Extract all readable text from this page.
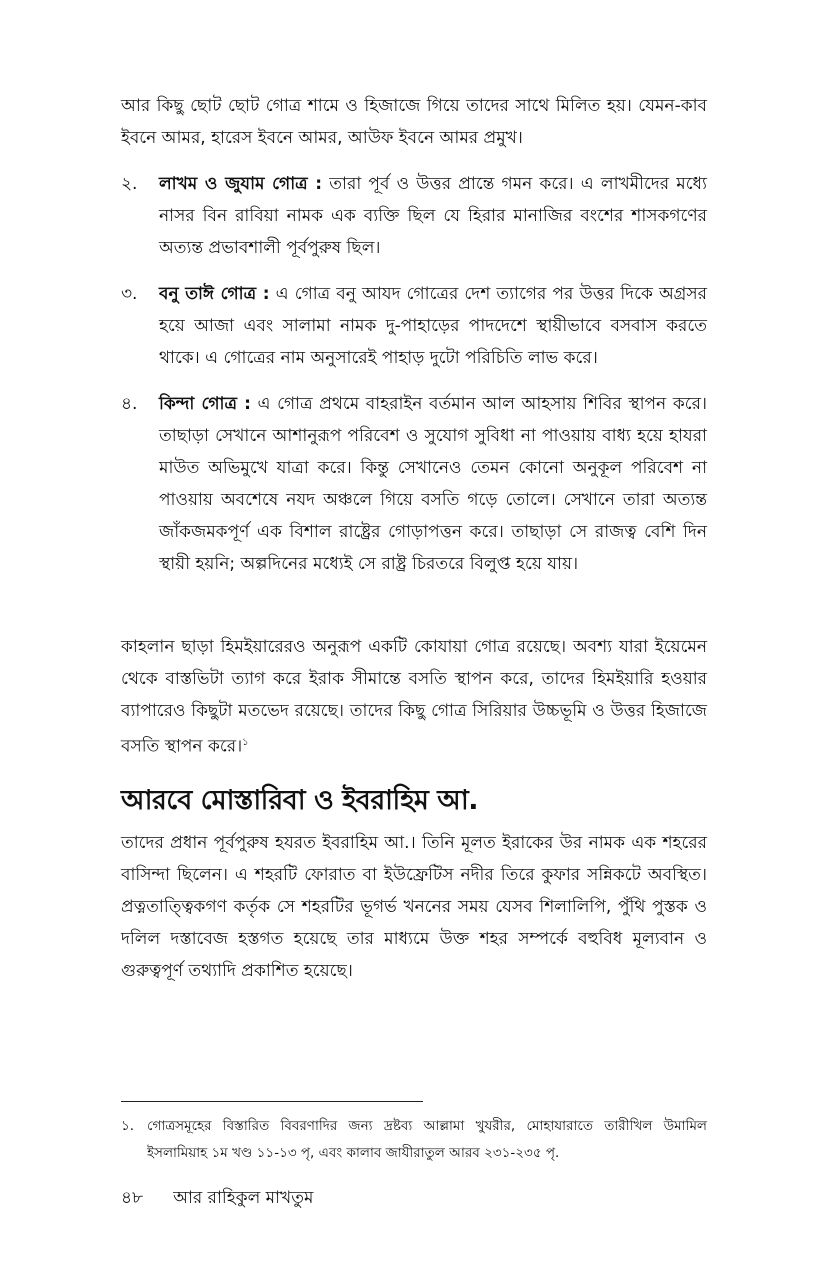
আর কিছু ছোট ছোট গোত্র শামে ও হিজাজে গিয়ে তাদের সাথে মিলিত হয়। যেমন-কাব ইবনে আমর, হারেস ইবনে আমর, আউফ ইবনে আমর প্রমুখ।

২. লাখম ও জুযাম গোত্র : তারা পূর্ব ও উত্তর প্রান্তে গমন করে। এ লাখমীদের মধ্যে নাসর বিন রাবিয়া নামক এক ব্যক্তি ছিল যে হিরার মানাজির বংশের শাসকগণের অত্যন্ত প্রভাবশালী পূর্বপুরুষ ছিল।
৩. বনু তাঈ গোত্র : এ গোত্র বনু আযদ গোত্রের দেশ ত্যাগের পর উত্তর দিকে অগ্রসর হয়ে আজা এবং সালামা নামক দু-পাহাড়ের পাদদেশে স্থায়ীভাবে বসবাস করতে থাকে। এ গোত্রের নাম অনুসারেই পাহাড় দুটো পরিচিতি লাভ করে।
৪. কিন্দা গোত্র : এ গোত্র প্রথমে বাহরাইন বর্তমান আল আহসায় শিবির স্থাপন করে। তাছাড়া সেখানে আশানুরূপ পরিবেশ ও সুযোগ সুবিধা না পাওয়ায় বাধ্য হয়ে হাযরা মাউত অভিমুখে যাত্রা করে। কিন্তু সেখানেও তেমন কোনো অনুকূল পরিবেশ না পাওয়ায় অবশেষে নযদ অঞ্চলে গিয়ে বসতি গড়ে তোলে। সেখানে তারা অত্যন্ত জাঁকজমকপূর্ণ এক বিশাল রাষ্ট্রের গোড়াপত্তন করে। তাছাড়া সে রাজত্ব বেশি দিন স্থায়ী হয়নি; অল্পদিনের মধ্যেই সে রাষ্ট্র চিরতরে বিলুপ্ত হয়ে যায়।

কাহলান ছাড়া হিমইয়ারেরও অনুরূপ একটি কোযায়া গোত্র রয়েছে। অবশ্য যারা ইয়েমেন থেকে বাস্তভিটা ত্যাগ করে ইরাক সীমান্তে বসতি স্থাপন করে, তাদের হিমইয়ারি হওয়ার ব্যাপারেও কিছুটা মতভেদ রয়েছে। তাদের কিছু গোত্র সিরিয়ার উচ্চভূমি ও উত্তর হিজাজে বসতি স্থাপন করে।$^১$

আরবে মোস্তারিবা ও ইবরাহিম আ.

তাদের প্রধান পূর্বপুরুষ হযরত ইবরাহিম আ.। তিনি মূলত ইরাকের উর নামক এক শহরের বাসিন্দা ছিলেন। এ শহরটি ফোরাত বা ইউফ্রেটিস নদীর তিরে কুফার সন্নিকটে অবস্থিত। প্রত্নতাত্ত্বিকগণ কর্তৃক সে শহরটির ভূগর্ভ খননের সময় যেসব শিলালিপি, পুঁথি পুস্তক ও দলিল দস্তাবেজ হস্তগত হয়েছে তার মাধ্যমে উক্ত শহর সম্পর্কে বহুবিধ মূল্যবান ও গুরুত্বপূর্ণ তথ্যাদি প্রকাশিত হয়েছে।

১. গোত্রসমূহের বিস্তারিত বিবরণাদির জন্য দ্রষ্টব্য আল্লামা খুযরীর, মোহাযারাতে তারীখিল উমামিল ইসলামিয়াহ ১ম খণ্ড ১১-১৩ পৃ, এবং কালাব জাযীরাতুল আরব ২৩১-২৩৫ পৃ.
৪৮ আর রাহিকুল মাখতুম
